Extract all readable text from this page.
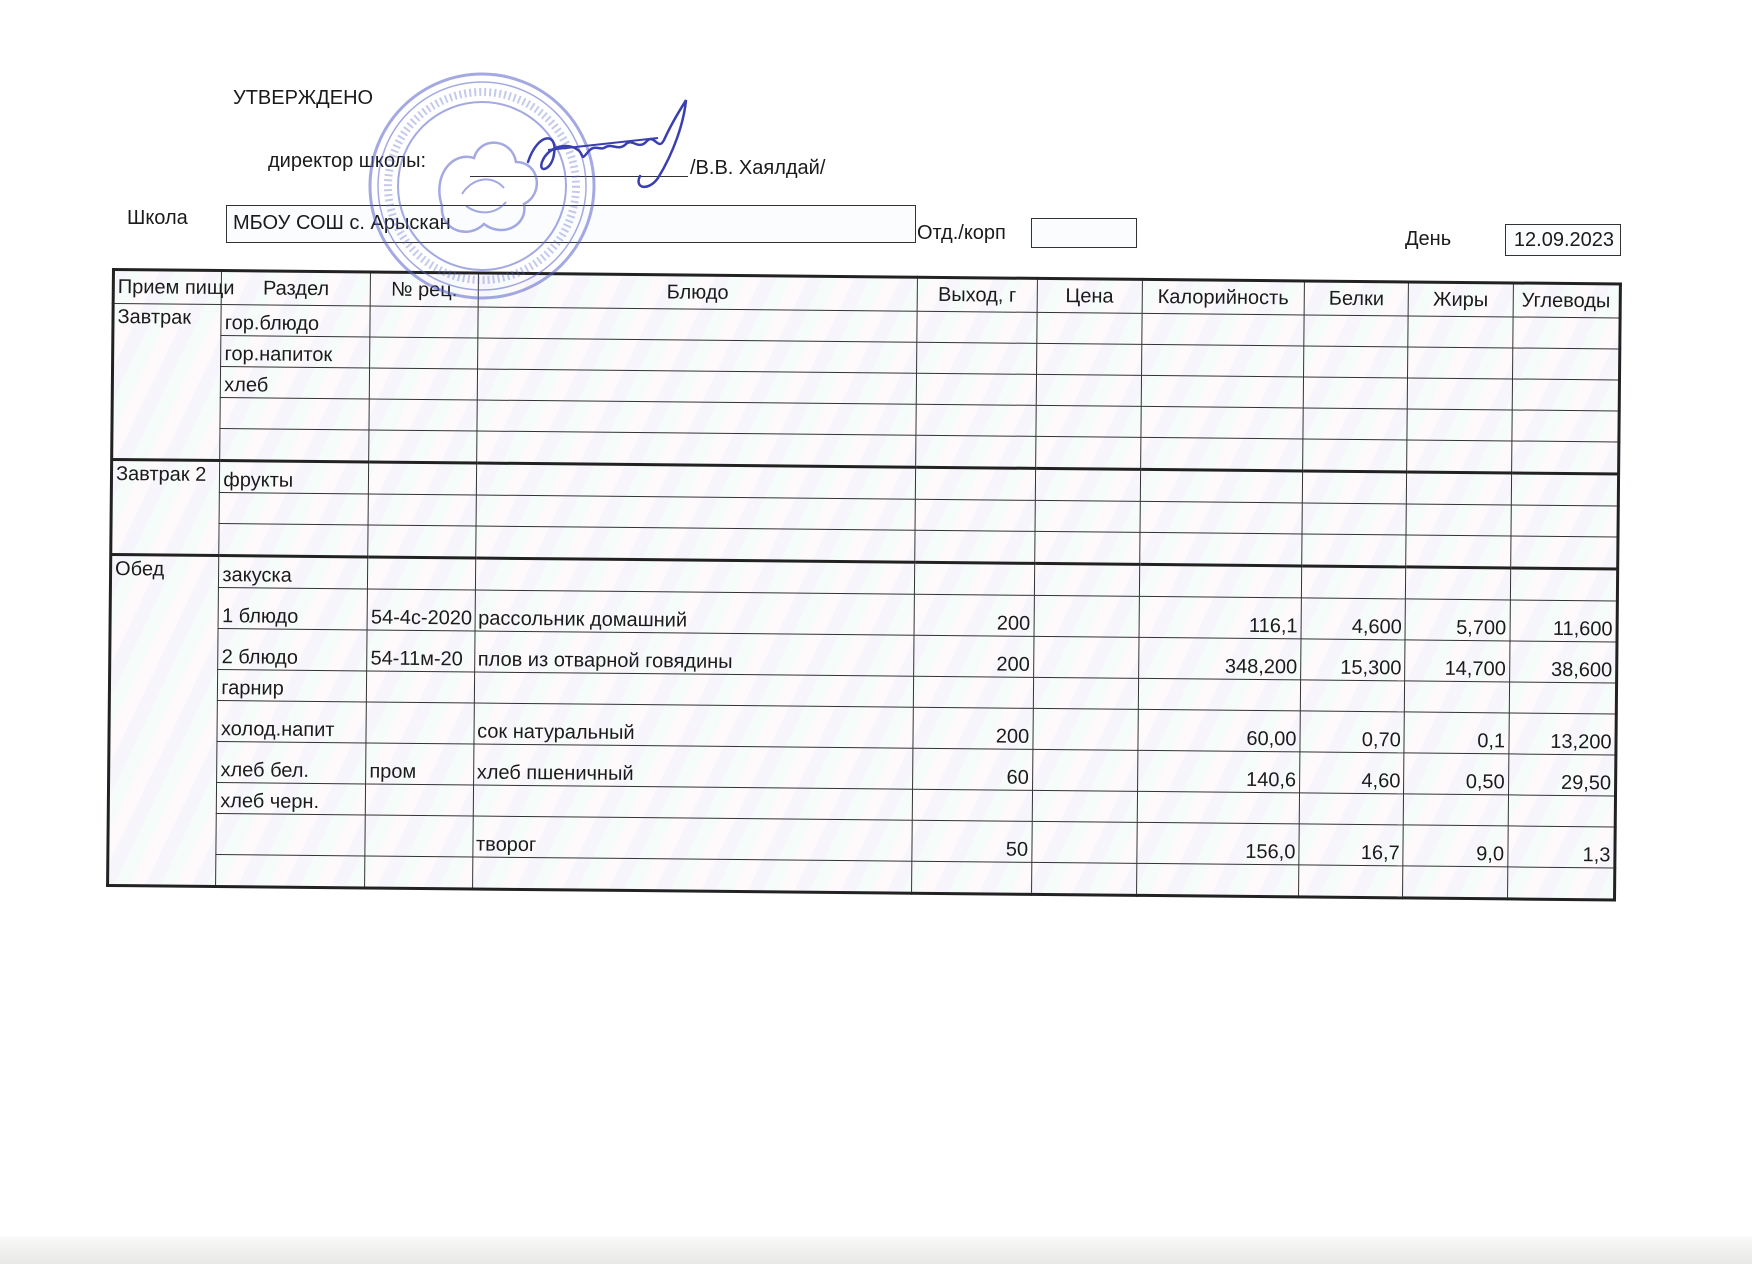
УТВЕРЖДЕНО
директор школы:	/В.В. Хаялдай/
Школа	МБОУ СОШ с. Арыскан	Отд./корп	День	12.09.2023
Прием пищи	Раздел	№ рец.	Блюдо	Выход, г	Цена	Калорийность	Белки	Жиры	Углеводы
Завтрак	гор.блюдо								
	гор.напиток								
	хлеб								

Завтрак 2	фрукты								

Обед	закуска								
	1 блюдо	54-4с-2020	рассольник домашний	200		116,1	4,600	5,700	11,600
	2 блюдо	54-11м-20	плов из отварной говядины	200		348,200	15,300	14,700	38,600
	гарнир								
	холод.напит		сок натуральный	200		60,00	0,70	0,1	13,200
	хлеб бел.	пром	хлеб пшеничный	60		140,6	4,60	0,50	29,50
	хлеб черн.								
			творог	50		156,0	16,7	9,0	1,3
